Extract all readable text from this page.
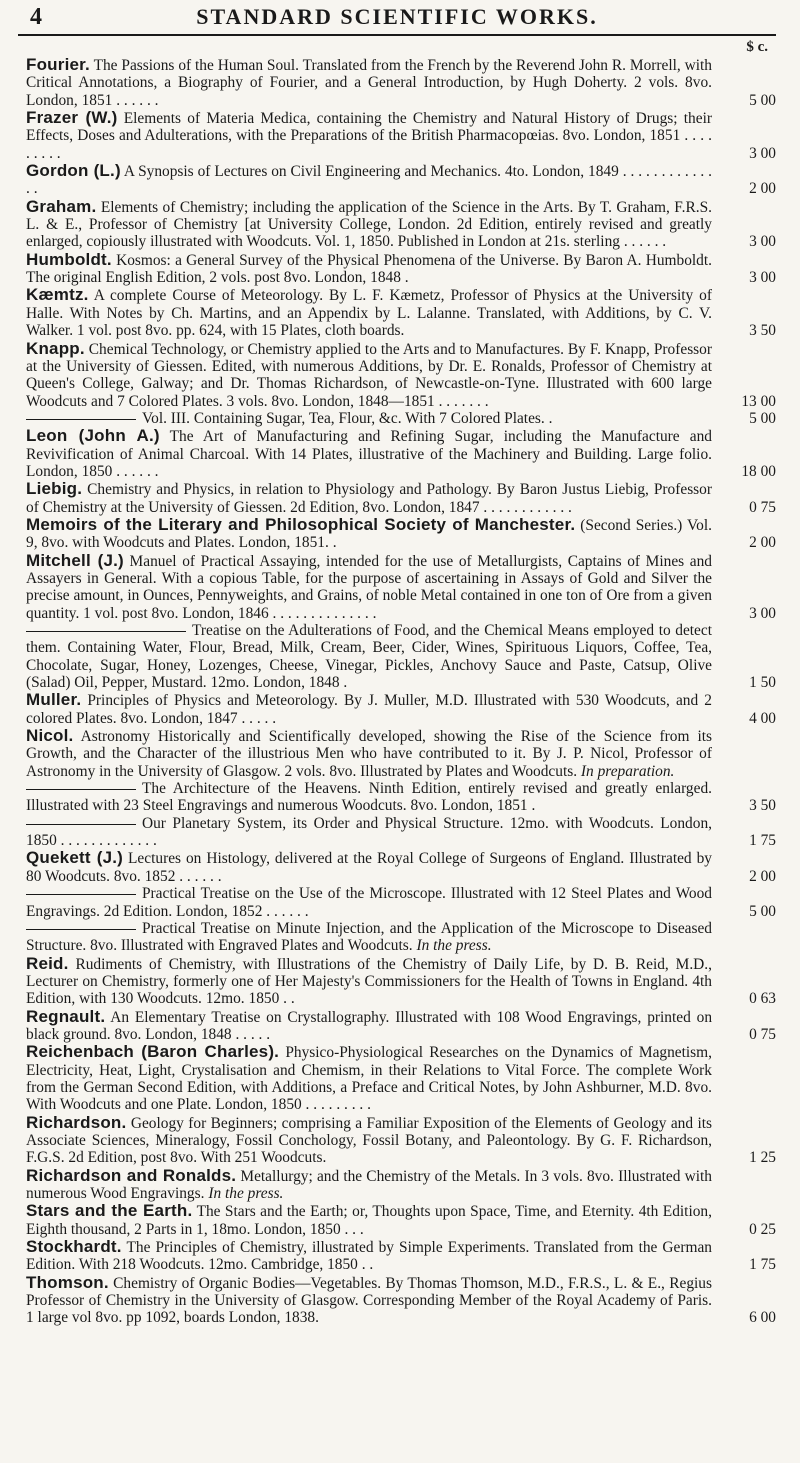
4	STANDARD SCIENTIFIC WORKS.
$ c.
Fourier. The Passions of the Human Soul. Translated from the French by the Reverend John R. Morrell, with Critical Annotations, a Biography of Fourier, and a General Introduction, by Hugh Doherty. 2 vols. 8vo. London, 1851 . . . . . .	5 00
Frazer (W.) Elements of Materia Medica, containing the Chemistry and Natural History of Drugs; their Effects, Doses and Adulterations, with the Preparations of the British Pharmacopœias. 8vo. London, 1851 . . . . . . . . .	3 00
Gordon (L.) A Synopsis of Lectures on Civil Engineering and Mechanics. 4to. London, 1849 . . . . . . . . . . . . . .	2 00
Graham. Elements of Chemistry; including the application of the Science in the Arts. By T. Graham, F.R.S. L. & E., Professor of Chemistry [at University College, London. 2d Edition, entirely revised and greatly enlarged, copiously illustrated with Woodcuts. Vol. 1, 1850. Published in London at 21s. sterling . . . . . .	3 00
Humboldt. Kosmos: a General Survey of the Physical Phenomena of the Universe. By Baron A. Humboldt. The original English Edition, 2 vols. post 8vo. London, 1848 .	3 00
Kæmtz. A complete Course of Meteorology. By L. F. Kæmetz, Professor of Physics at the University of Halle. With Notes by Ch. Martins, and an Appendix by L. Lalanne. Translated, with Additions, by C. V. Walker. 1 vol. post 8vo. pp. 624, with 15 Plates, cloth boards.	3 50
Knapp. Chemical Technology, or Chemistry applied to the Arts and to Manufactures. By F. Knapp, Professor at the University of Giessen. Edited, with numerous Additions, by Dr. E. Ronalds, Professor of Chemistry at Queen's College, Galway; and Dr. Thomas Richardson, of Newcastle-on-Tyne. Illustrated with 600 large Woodcuts and 7 Colored Plates. 3 vols. 8vo. London, 1848—1851 . . . . . . .	13 00
Vol. III. Containing Sugar, Tea, Flour, &c. With 7 Colored Plates. .	5 00
Leon (John A.) The Art of Manufacturing and Refining Sugar, including the Manufacture and Revivification of Animal Charcoal. With 14 Plates, illustrative of the Machinery and Building. Large folio. London, 1850 . . . . . .	18 00
Liebig. Chemistry and Physics, in relation to Physiology and Pathology. By Baron Justus Liebig, Professor of Chemistry at the University of Giessen. 2d Edition, 8vo. London, 1847 . . . . . . . . . . . .	0 75
Memoirs of the Literary and Philosophical Society of Manchester. (Second Series.) Vol. 9, 8vo. with Woodcuts and Plates. London, 1851. .	2 00
Mitchell (J.) Manuel of Practical Assaying, intended for the use of Metallurgists, Captains of Mines and Assayers in General. With a copious Table, for the purpose of ascertaining in Assays of Gold and Silver the precise amount, in Ounces, Pennyweights, and Grains, of noble Metal contained in one ton of Ore from a given quantity. 1 vol. post 8vo. London, 1846 . . . . . . . . . . . . . .	3 00
Treatise on the Adulterations of Food, and the Chemical Means employed to detect them. Containing Water, Flour, Bread, Milk, Cream, Beer, Cider, Wines, Spirituous Liquors, Coffee, Tea, Chocolate, Sugar, Honey, Lozenges, Cheese, Vinegar, Pickles, Anchovy Sauce and Paste, Catsup, Olive (Salad) Oil, Pepper, Mustard. 12mo. London, 1848 .	1 50
Muller. Principles of Physics and Meteorology. By J. Muller, M.D. Illustrated with 530 Woodcuts, and 2 colored Plates. 8vo. London, 1847 . . . . .	4 00
Nicol. Astronomy Historically and Scientifically developed, showing the Rise of the Science from its Growth, and the Character of the illustrious Men who have contributed to it. By J. P. Nicol, Professor of Astronomy in the University of Glasgow. 2 vols. 8vo. Illustrated by Plates and Woodcuts. In preparation.
The Architecture of the Heavens. Ninth Edition, entirely revised and greatly enlarged. Illustrated with 23 Steel Engravings and numerous Woodcuts. 8vo. London, 1851 .	3 50
Our Planetary System, its Order and Physical Structure. 12mo. with Woodcuts. London, 1850 . . . . . . . . . . . . .	1 75
Quekett (J.) Lectures on Histology, delivered at the Royal College of Surgeons of England. Illustrated by 80 Woodcuts. 8vo. 1852 . . . . . .	2 00
Practical Treatise on the Use of the Microscope. Illustrated with 12 Steel Plates and Wood Engravings. 2d Edition. London, 1852 . . . . . .	5 00
Practical Treatise on Minute Injection, and the Application of the Microscope to Diseased Structure. 8vo. Illustrated with Engraved Plates and Woodcuts. In the press.
Reid. Rudiments of Chemistry, with Illustrations of the Chemistry of Daily Life, by D. B. Reid, M.D., Lecturer on Chemistry, formerly one of Her Majesty's Commissioners for the Health of Towns in England. 4th Edition, with 130 Woodcuts. 12mo. 1850 . .	0 63
Regnault. An Elementary Treatise on Crystallography. Illustrated with 108 Wood Engravings, printed on black ground. 8vo. London, 1848 . . . . .	0 75
Reichenbach (Baron Charles). Physico-Physiological Researches on the Dynamics of Magnetism, Electricity, Heat, Light, Crystalisation and Chemism, in their Relations to Vital Force. The complete Work from the German Second Edition, with Additions, a Preface and Critical Notes, by John Ashburner, M.D. 8vo. With Woodcuts and one Plate. London, 1850 . . . . . . . . .
Richardson. Geology for Beginners; comprising a Familiar Exposition of the Elements of Geology and its Associate Sciences, Mineralogy, Fossil Conchology, Fossil Botany, and Paleontology. By G. F. Richardson, F.G.S. 2d Edition, post 8vo. With 251 Woodcuts.	1 25
Richardson and Ronalds. Metallurgy; and the Chemistry of the Metals. In 3 vols. 8vo. Illustrated with numerous Wood Engravings. In the press.
Stars and the Earth. The Stars and the Earth; or, Thoughts upon Space, Time, and Eternity. 4th Edition, Eighth thousand, 2 Parts in 1, 18mo. London, 1850 . . .	0 25
Stockhardt. The Principles of Chemistry, illustrated by Simple Experiments. Translated from the German Edition. With 218 Woodcuts. 12mo. Cambridge, 1850 . .	1 75
Thomson. Chemistry of Organic Bodies—Vegetables. By Thomas Thomson, M.D., F.R.S., L. & E., Regius Professor of Chemistry in the University of Glasgow. Corresponding Member of the Royal Academy of Paris. 1 large vol 8vo. pp 1092, boards London, 1838.	6 00
